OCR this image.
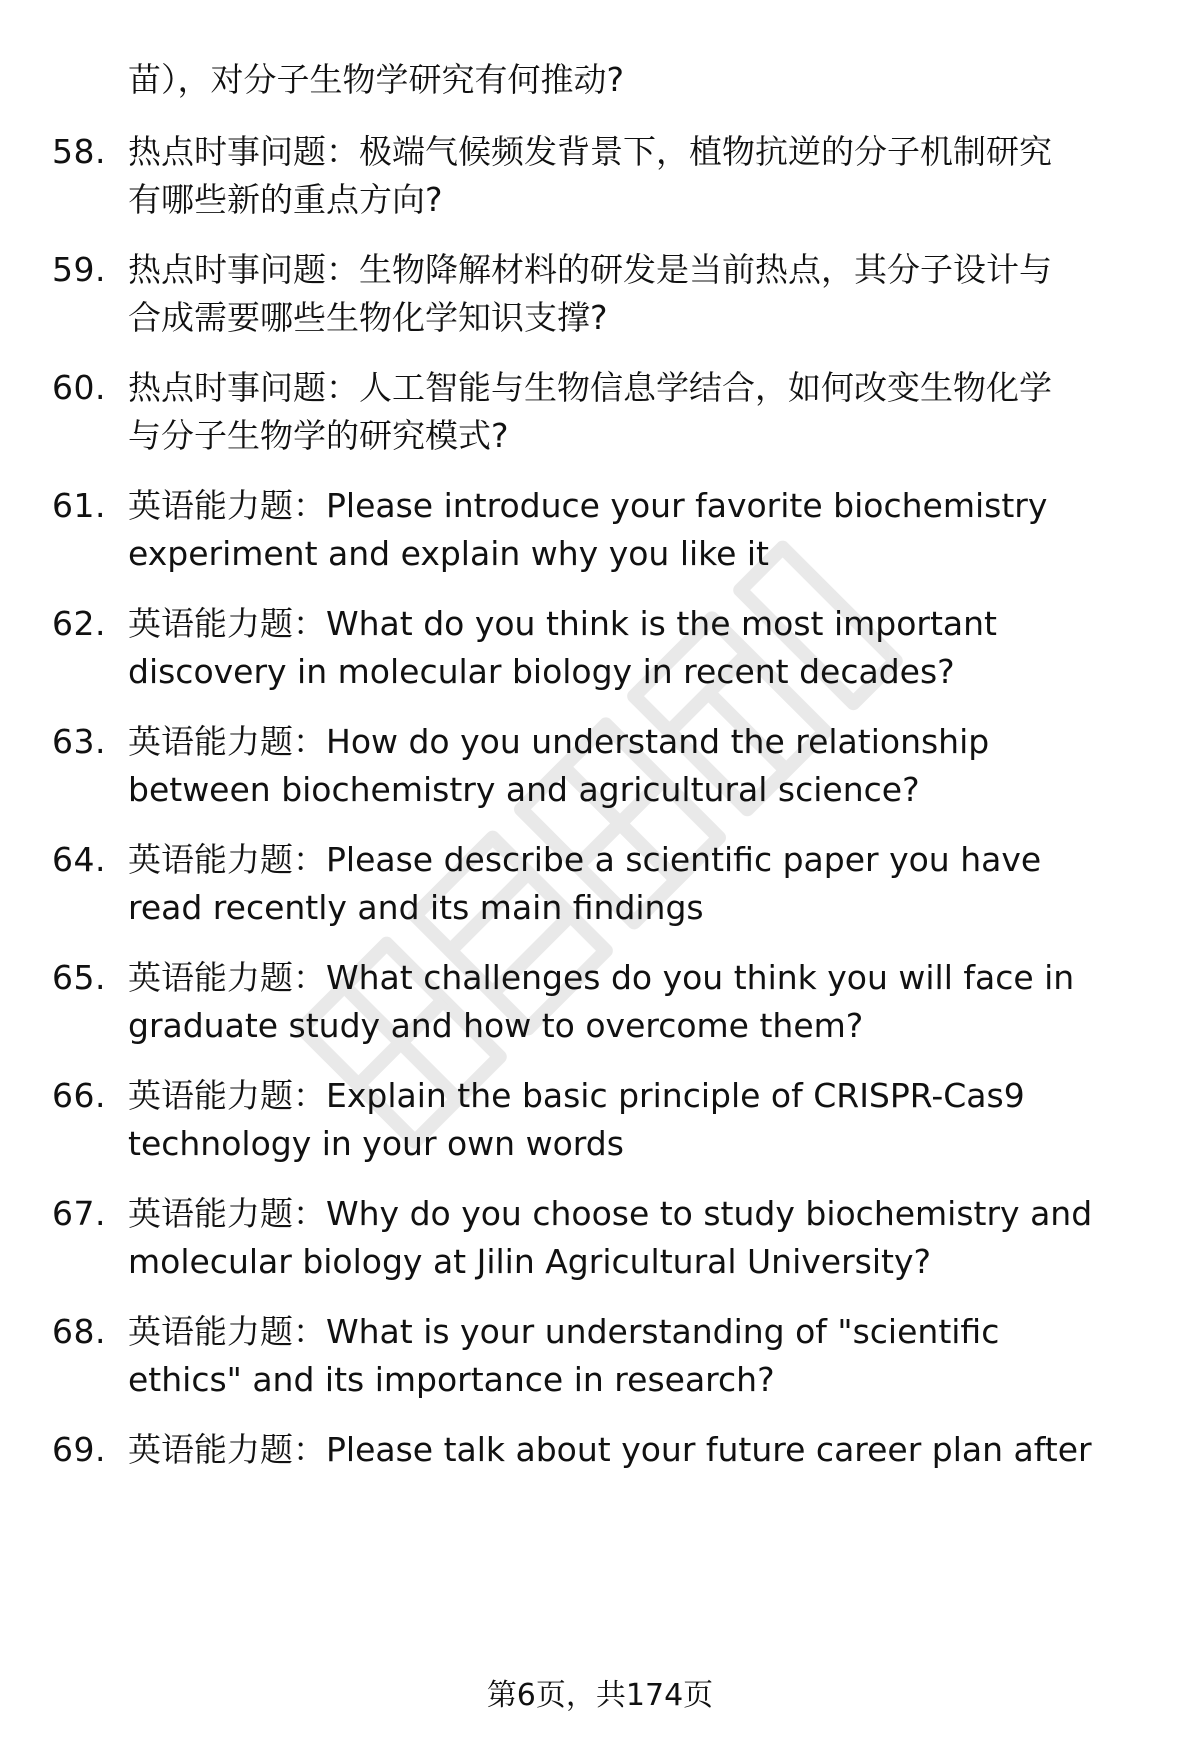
苗），对分子生物学研究有何推动?
58. 热点时事问题：极端气候频发背景下，植物抗逆的分子机制研究
有哪些新的重点方向?
59. 热点时事问题：生物降解材料的研发是当前热点，其分子设计与
合成需要哪些生物化学知识支撑?
60. 热点时事问题：人工智能与生物信息学结合，如何改变生物化学
与分子生物学的研究模式?
61. 英语能力题：Please introduce your favorite biochemistry
experiment and explain why you like it
62. 英语能力题：What do you think is the most important
discovery in molecular biology in recent decades?
63. 英语能力题：How do you understand the relationship
between biochemistry and agricultural science?
64. 英语能力题：Please describe a scientific paper you have
read recently and its main findings
65. 英语能力题：What challenges do you think you will face in
graduate study and how to overcome them?
66. 英语能力题：Explain the basic principle of CRISPR-Cas9
technology in your own words
67. 英语能力题：Why do you choose to study biochemistry and
molecular biology at Jilin Agricultural University?
68. 英语能力题：What is your understanding of "scientific
ethics" and its importance in research?
69. 英语能力题：Please talk about your future career plan after
第6页，共174页
